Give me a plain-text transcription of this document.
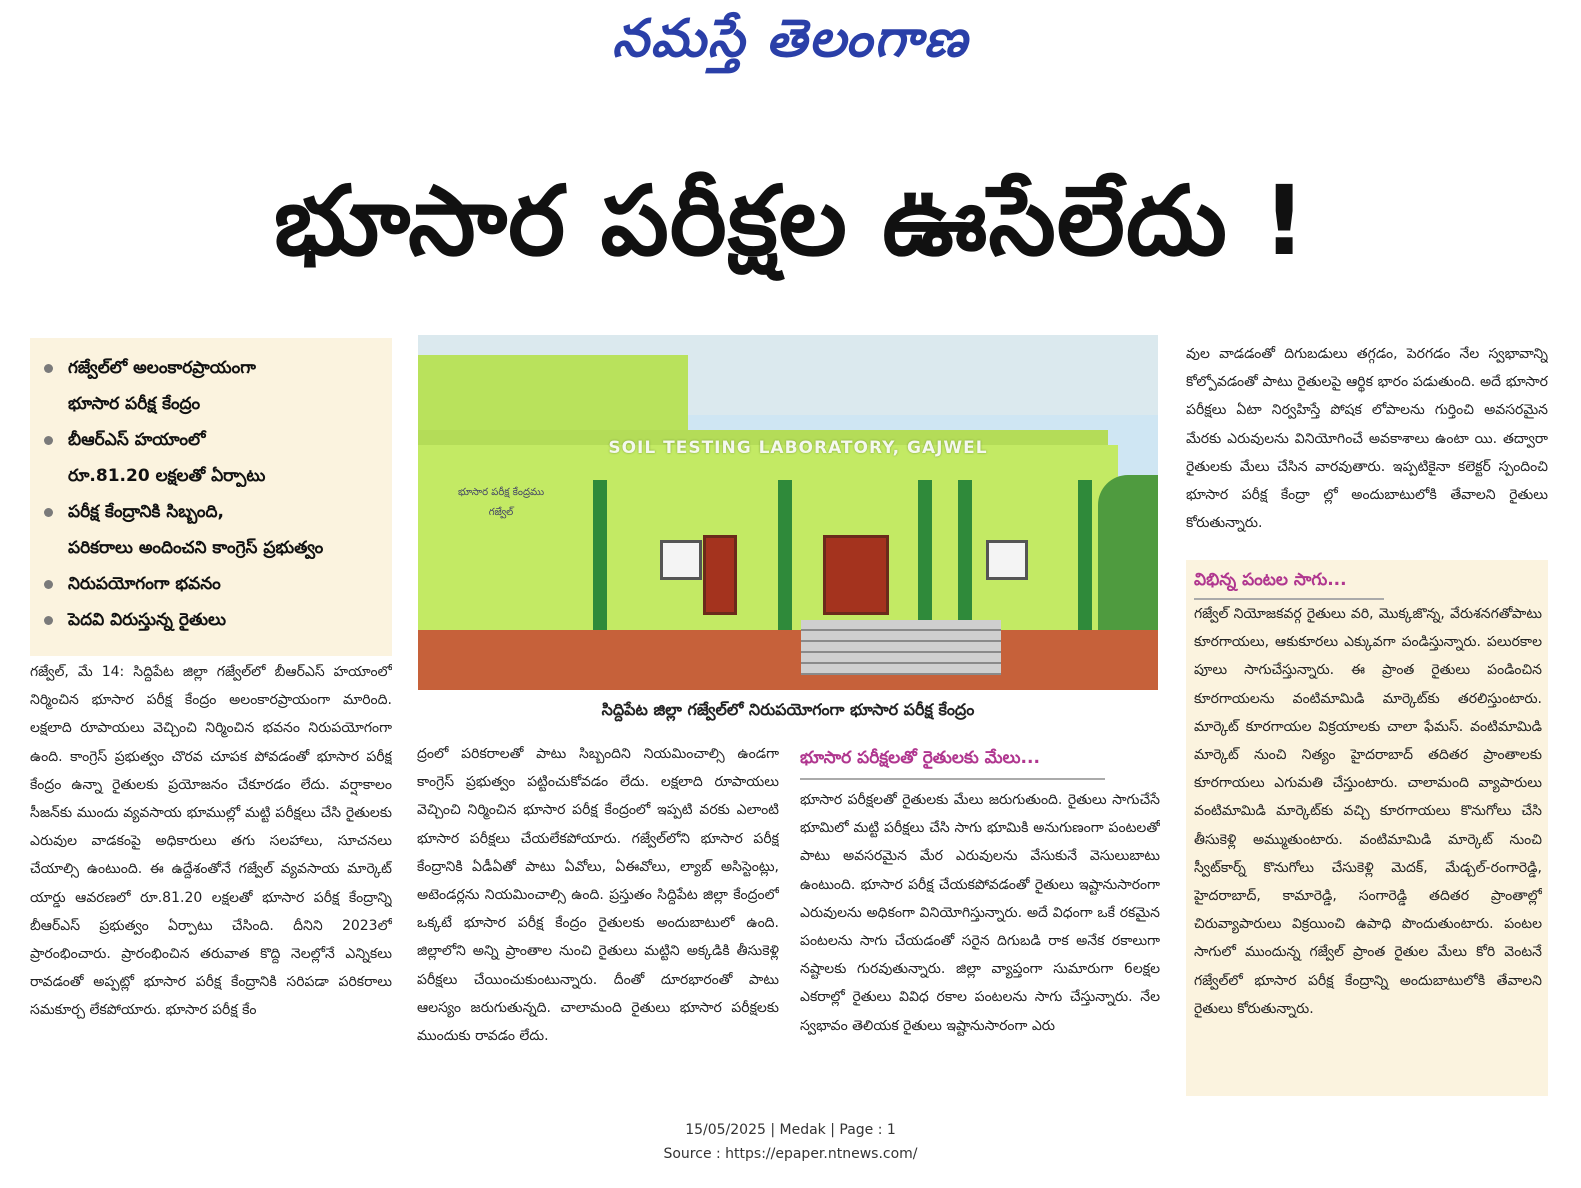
నమస్తే తెలంగాణ
భూసార పరీక్షల ఊసేలేదు !
గజ్వేల్‌లో అలంకారప్రాయంగా
భూసార పరీక్ష కేంద్రం
బీఆర్‌ఎస్ హయాంలో
రూ.81.20 లక్షలతో ఏర్పాటు
పరీక్ష కేంద్రానికి సిబ్బంది,
పరికరాలు అందించని కాంగ్రెస్ ప్రభుత్వం
నిరుపయోగంగా భవనం
పెదవి విరుస్తున్న రైతులు
SOIL TESTING LABORATORY, GAJWEL
భూసార పరీక్ష కేంద్రము
గజ్వేల్
సిద్దిపేట జిల్లా గజ్వేల్‌లో నిరుపయోగంగా భూసార పరీక్ష కేంద్రం

గజ్వేల్, మే 14: సిద్దిపేట జిల్లా గజ్వేల్‌లో బీఆర్‌ఎస్ హయాంలో నిర్మించిన భూసార పరీక్ష కేంద్రం అలంకారప్రాయంగా మారింది. లక్షలాది రూపాయలు వెచ్చించి నిర్మించిన భవనం నిరుపయోగంగా ఉంది. కాంగ్రెస్ ప్రభుత్వం చొరవ చూపక పోవడంతో భూసార పరీక్ష కేంద్రం ఉన్నా రైతులకు ప్రయోజనం చేకూరడం లేదు. వర్షాకాలం సీజన్‌కు ముందు వ్యవసాయ భూముల్లో మట్టి పరీక్షలు చేసి రైతులకు ఎరువుల వాడకంపై అధికారులు తగు సలహాలు, సూచనలు చేయాల్సి ఉంటుంది. ఈ ఉద్దేశంతోనే గజ్వేల్ వ్యవసాయ మార్కెట్ యార్డు ఆవరణలో రూ.81.20 లక్షలతో భూసార పరీక్ష కేంద్రాన్ని బీఆర్‌ఎస్ ప్రభుత్వం ఏర్పాటు చేసింది. దీనిని 2023లో ప్రారంభించారు. ప్రారంభించిన తరువాత కొద్ది నెలల్లోనే ఎన్నికలు రావడంతో అప్పట్లో భూసార పరీక్ష కేంద్రానికి సరిపడా పరికరాలు సమకూర్చ లేకపోయారు. భూసార పరీక్ష కేం

ద్రంలో పరికరాలతో పాటు సిబ్బందిని నియమించాల్సి ఉండగా కాంగ్రెస్ ప్రభుత్వం పట్టించుకోవడం లేదు. లక్షలాది రూపాయలు వెచ్చించి నిర్మించిన భూసార పరీక్ష కేంద్రంలో ఇప్పటి వరకు ఎలాంటి భూసార పరీక్షలు చేయలేకపోయారు. గజ్వేల్‌లోని భూసార పరీక్ష కేంద్రానికి ఏడీఏతో పాటు ఏవోలు, ఏఈవోలు, ల్యాబ్ అసిస్టెంట్లు, అటెండర్లను నియమించాల్సి ఉంది. ప్రస్తుతం సిద్దిపేట జిల్లా కేంద్రంలో ఒక్కటే భూసార పరీక్ష కేంద్రం రైతులకు అందుబాటులో ఉంది. జిల్లాలోని అన్ని ప్రాంతాల నుంచి రైతులు మట్టిని అక్కడికి తీసుకెళ్లి పరీక్షలు చేయించుకుంటున్నారు. దీంతో దూరభారంతో పాటు ఆలస్యం జరుగుతున్నది. చాలామంది రైతులు భూసార పరీక్షలకు ముందుకు రావడం లేదు.

భూసార పరీక్షలతో రైతులకు మేలు...

భూసార పరీక్షలతో రైతులకు మేలు జరుగుతుంది. రైతులు సాగుచేసే భూమిలో మట్టి పరీక్షలు చేసి సాగు భూమికి అనుగుణంగా పంటలతో పాటు అవసరమైన మేర ఎరువులను వేసుకునే వెసులుబాటు ఉంటుంది. భూసార పరీక్ష చేయకపోవడంతో రైతులు ఇష్టానుసారంగా ఎరువులను అధికంగా వినియోగిస్తున్నారు. అదే విధంగా ఒకే రకమైన పంటలను సాగు చేయడంతో సరైన దిగుబడి రాక అనేక రకాలుగా నష్టాలకు గురవుతున్నారు. జిల్లా వ్యాప్తంగా సుమారుగా 6లక్షల ఎకరాల్లో రైతులు వివిధ రకాల పంటలను సాగు చేస్తున్నారు. నేల స్వభావం తెలియక రైతులు ఇష్టానుసారంగా ఎరు

వుల వాడడంతో దిగుబడులు తగ్గడం, పెరగడం నేల స్వభావాన్ని కోల్పోవడంతో పాటు రైతులపై ఆర్థిక భారం పడుతుంది. అదే భూసార పరీక్షలు ఏటా నిర్వహిస్తే పోషక లోపాలను గుర్తించి అవసరమైన మేరకు ఎరువులను వినియోగించే అవకాశాలు ఉంటా యి. తద్వారా రైతులకు మేలు చేసిన వారవుతారు. ఇప్పటికైనా కలెక్టర్ స్పందించి భూసార పరీక్ష కేంద్రా ల్లో అందుబాటులోకి తేవాలని రైతులు కోరుతున్నారు.

విభిన్న పంటల సాగు...

గజ్వేల్ నియోజకవర్గ రైతులు వరి, మొక్కజొన్న, వేరుశనగతోపాటు కూరగాయలు, ఆకుకూరలు ఎక్కువగా పండిస్తున్నారు. పలురకాల పూలు సాగుచేస్తున్నారు. ఈ ప్రాంత రైతులు పండించిన కూరగాయలను వంటిమామిడి మార్కెట్‌కు తరలిస్తుంటారు. మార్కెట్ కూరగాయల విక్రయాలకు చాలా ఫేమస్. వంటిమామిడి మార్కెట్ నుంచి నిత్యం హైదరాబాద్ తదితర ప్రాంతాలకు కూరగాయలు ఎగుమతి చేస్తుంటారు. చాలామంది వ్యాపారులు వంటిమామిడి మార్కెట్‌కు వచ్చి కూరగాయలు కొనుగోలు చేసి తీసుకెళ్లి అమ్ముతుంటారు. వంటిమామిడి మార్కెట్ నుంచి స్వీట్‌కార్న్ కొనుగోలు చేసుకెళ్లి మెదక్, మేడ్చల్-రంగారెడ్డి, హైదరాబాద్, కామారెడ్డి, సంగారెడ్డి తదితర ప్రాంతాల్లో చిరువ్యాపారులు విక్రయించి ఉపాధి పొందుతుంటారు. పంటల సాగులో ముందున్న గజ్వేల్ ప్రాంత రైతుల మేలు కోరి వెంటనే గజ్వేల్‌లో భూసార పరీక్ష కేంద్రాన్ని అందుబాటులోకి తేవాలని రైతులు కోరుతున్నారు.

15/05/2025 | Medak | Page : 1
Source : https://epaper.ntnews.com/
